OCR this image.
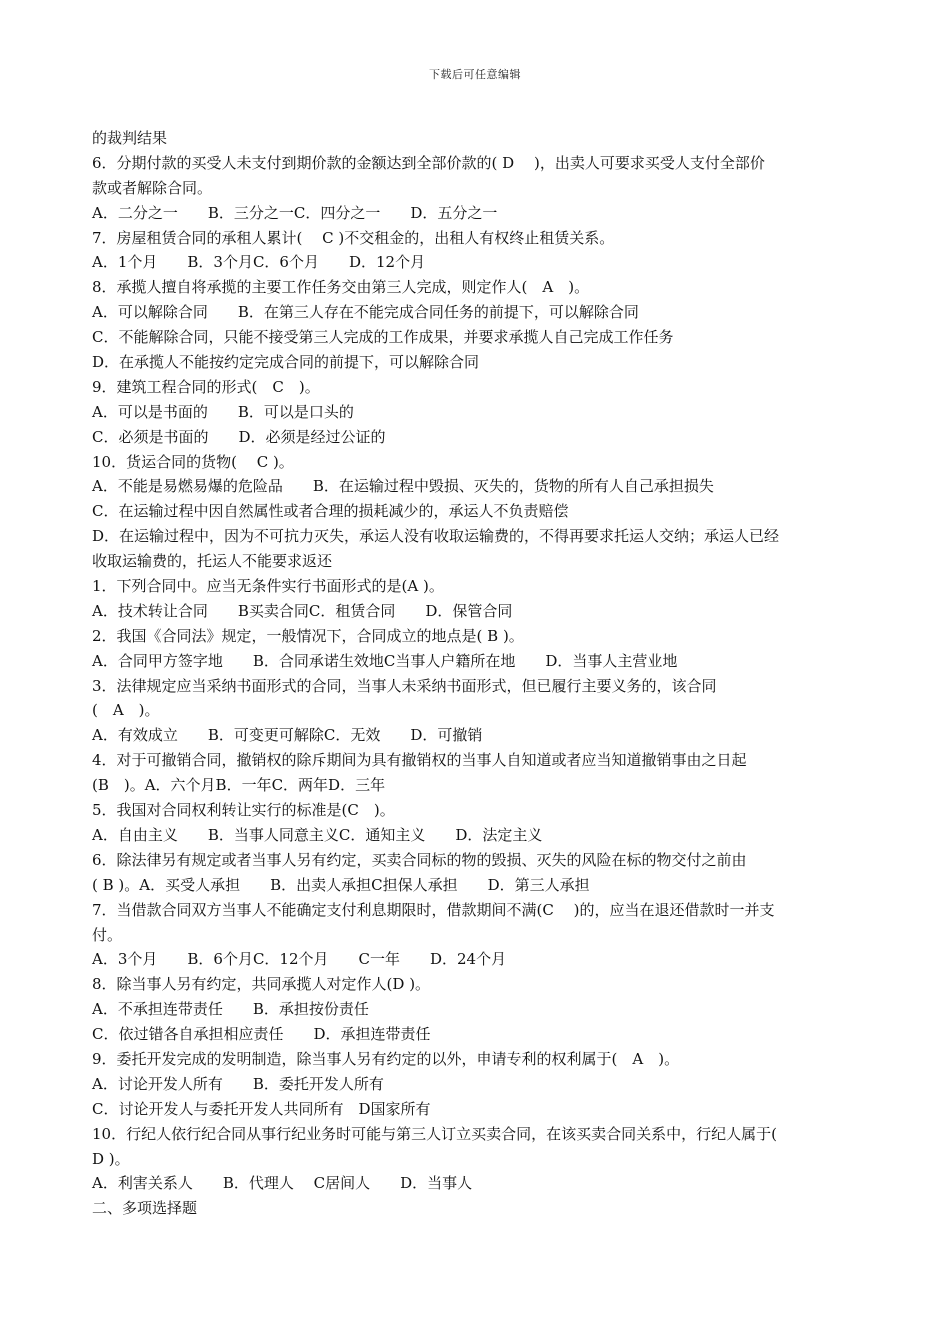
下载后可任意编辑
的裁判结果
6．分期付款的买受人未支付到期价款的金额达到全部价款的( D　 )，出卖人可要求买受人支付全部价
款或者解除合同。
A．二分之一　　B．三分之一C．四分之一　　D．五分之一
7．房屋租赁合同的承租人累计(　 C )不交租金的，出租人有权终止租赁关系。
A．1个月　　B．3个月C．6个月　　D．12个月
8．承揽人擅自将承揽的主要工作任务交由第三人完成，则定作人(　A　)。
A．可以解除合同　　B．在第三人存在不能完成合同任务的前提下，可以解除合同
C．不能解除合同，只能不接受第三人完成的工作成果，并要求承揽人自己完成工作任务
D．在承揽人不能按约定完成合同的前提下，可以解除合同
9．建筑工程合同的形式(　C　)。
A．可以是书面的　　B．可以是口头的
C．必须是书面的　　D．必须是经过公证的
10．货运合同的货物(　 C )。
A．不能是易燃易爆的危险品　　B．在运输过程中毁损、灭失的，货物的所有人自己承担损失
C．在运输过程中因自然属性或者合理的损耗减少的，承运人不负责赔偿
D．在运输过程中，因为不可抗力灭失，承运人没有收取运输费的，不得再要求托运人交纳；承运人已经
收取运输费的，托运人不能要求返还
1．下列合同中。应当无条件实行书面形式的是(A )。
A．技术转让合同　　B买卖合同C．租赁合同　　D．保管合同
2．我国《合同法》规定，一般情况下，合同成立的地点是( B )。
A．合同甲方签字地　　B．合同承诺生效地C当事人户籍所在地　　D．当事人主营业地
3．法律规定应当采纳书面形式的合同，当事人未采纳书面形式，但已履行主要义务的，该合同
(　A　)。
A．有效成立　　B．可变更可解除C．无效　　D．可撤销
4．对于可撤销合同，撤销权的除斥期间为具有撤销权的当事人自知道或者应当知道撤销事由之日起
(B　)。A．六个月B．一年C．两年D．三年
5．我国对合同权利转让实行的标准是(C　)。
A．自由主义　　B．当事人同意主义C．通知主义　　D．法定主义
6．除法律另有规定或者当事人另有约定，买卖合同标的物的毁损、灭失的风险在标的物交付之前由
( B )。A．买受人承担　　B．出卖人承担C担保人承担　　D．第三人承担
7．当借款合同双方当事人不能确定支付利息期限时，借款期间不满(C　 )的，应当在退还借款时一并支
付。
A．3个月　　B．6个月C．12个月　　C一年　　D．24个月
8．除当事人另有约定，共同承揽人对定作人(D )。
A．不承担连带责任　　B．承担按份责任
C．依过错各自承担相应责任　　D．承担连带责任
9．委托开发完成的发明制造，除当事人另有约定的以外，申请专利的权利属于(　A　)。
A．讨论开发人所有　　B．委托开发人所有
C．讨论开发人与委托开发人共同所有　D国家所有
10．行纪人依行纪合同从事行纪业务时可能与第三人订立买卖合同，在该买卖合同关系中，行纪人属于(
D )。
A．利害关系人　　B．代理人　 C居间人　　D．当事人
二、多项选择题
